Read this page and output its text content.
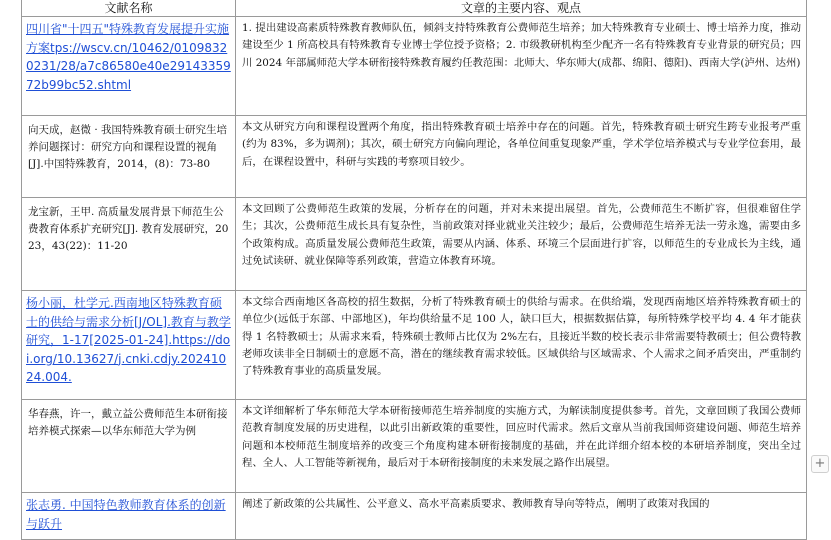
文献名称	文章的主要内容、观点
四川省"十四五"特殊教育发展提升实施方案tps://wscv.cn/10462/01098320231/28/a7c86580e40e2914335972b99bc52.shtml	1. 提出建设高素质特殊教育教师队伍，倾斜支持特殊教育公费师范生培养；加大特殊教育专业硕士、博士培养力度，推动建设至少 1 所高校具有特殊教育专业博士学位授予资格；2. 市级教研机构至少配齐一名有特殊教育专业背景的研究员；四川 2024 年部属师范大学本研衔接特殊教育履约任教范围：北师大、华东师大(成都、绵阳、德阳)、西南大学(泸州、达州)
向天成，赵微 · 我国特殊教育硕士研究生培养问题探讨：研究方向和课程设置的视角[J].中国特殊教育，2014，(8)：73-80	本文从研究方向和课程设置两个角度，指出特殊教育硕士培养中存在的问题。首先，特殊教育硕士研究生跨专业报考严重(约为 83%，多为调剂)；其次，硕士研究方向偏向理论，各单位间重复现象严重，学术学位培养模式与专业学位套用，最后，在课程设置中，科研与实践的考察项目较少。
龙宝新，王甲. 高质量发展背景下师范生公费教育体系扩充研究[J]. 教育发展研究，2023，43(22)：11-20	本文回顾了公费师范生政策的发展，分析存在的问题，并对未来提出展望。首先，公费师范生不断扩容，但很难留住学生；其次，公费师范生成长具有复杂性，当前政策对择业就业关注较少；最后，公费师范生培养无法一劳永逸，需要由多个政策构成。高质量发展公费师范生政策，需要从内涵、体系、环境三个层面进行扩容，以师范生的专业成长为主线，通过免试读研、就业保障等系列政策，营造立体教育环境。
杨小丽，杜学元.西南地区特殊教育硕士的供给与需求分析[J/OL].教育与教学研究，1-17[2025-01-24].https://doi.org/10.13627/j.cnki.cdjy.20241024.004.	本文综合西南地区各高校的招生数据，分析了特殊教育硕士的供给与需求。在供给端，发现西南地区培养特殊教育硕士的单位少(远低于东部、中部地区)，年均供给量不足 100 人，缺口巨大，根据数据估算，每所特殊学校平均 4. 4 年才能获得 1 名特教硕士；从需求来看，特殊硕士教师占比仅为 2%左右，且接近半数的校长表示非常需要特教硕士；但公费特教老师攻读非全日制硕士的意愿不高，潜在的继续教育需求较低。区域供给与区域需求、个人需求之间矛盾突出，严重制约了特殊教育事业的高质量发展。
华春燕，许一，戴立益公费师范生本研衔接培养模式探索—以华东师范大学为例	本文详细解析了华东师范大学本研衔接师范生培养制度的实施方式，为解读制度提供参考。首先，文章回顾了我国公费师范教育制度发展的历史进程，以此引出新政策的重要性，回应时代需求。然后文章从当前我国师资建设问题、师范生培养问题和本校师范生制度培养的改变三个角度构建本研衔接制度的基础，并在此详细介绍本校的本研培养制度，突出全过程、全人、人工智能等新视角，最后对于本研衔接制度的未来发展之路作出展望。
张志勇. 中国特色教师教育体系的创新与跃升	阐述了新政策的公共属性、公平意义、高水平高素质要求、教师教育导向等特点，阐明了政策对我国的
+
